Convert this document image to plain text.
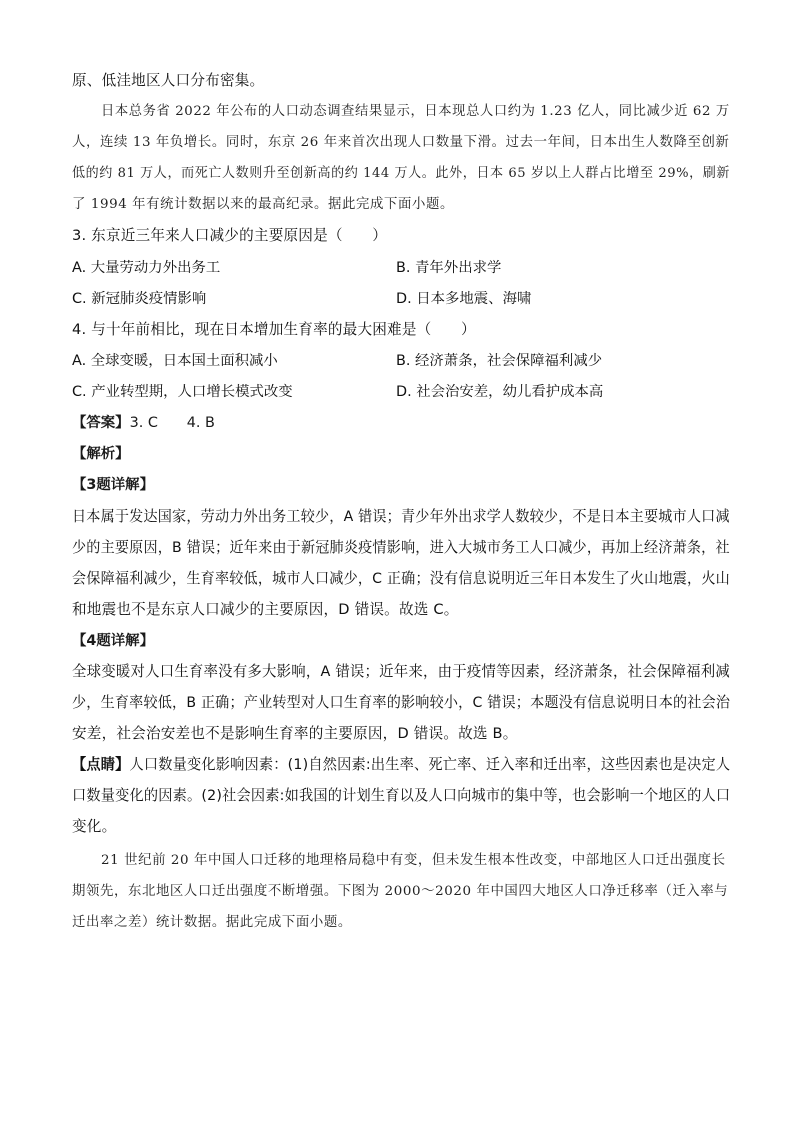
原、低洼地区人口分布密集。
日本总务省 2022 年公布的人口动态调查结果显示，日本现总人口约为 1.23 亿人，同比减少近 62 万
人，连续 13 年负增长。同时，东京 26 年来首次出现人口数量下滑。过去一年间，日本出生人数降至创新
低的约 81 万人，而死亡人数则升至创新高的约 144 万人。此外，日本 65 岁以上人群占比增至 29%，刷新
了 1994 年有统计数据以来的最高纪录。据此完成下面小题。
3. 东京近三年来人口减少的主要原因是（　　）
A. 大量劳动力外出务工	B. 青年外出求学
C. 新冠肺炎疫情影响	D. 日本多地震、海啸
4. 与十年前相比，现在日本增加生育率的最大困难是（　　）
A. 全球变暖，日本国土面积减小	B. 经济萧条，社会保障福利减少
C. 产业转型期，人口增长模式改变	D. 社会治安差，幼儿看护成本高
【答案】3. C　　4. B
【解析】
【3题详解】
日本属于发达国家，劳动力外出务工较少，A 错误；青少年外出求学人数较少，不是日本主要城市人口减
少的主要原因，B 错误；近年来由于新冠肺炎疫情影响，进入大城市务工人口减少，再加上经济萧条，社
会保障福利减少，生育率较低，城市人口减少，C 正确；没有信息说明近三年日本发生了火山地震，火山
和地震也不是东京人口减少的主要原因，D 错误。故选 C。
【4题详解】
全球变暖对人口生育率没有多大影响，A 错误；近年来，由于疫情等因素，经济萧条，社会保障福利减
少，生育率较低，B 正确；产业转型对人口生育率的影响较小，C 错误；本题没有信息说明日本的社会治
安差，社会治安差也不是影响生育率的主要原因，D 错误。故选 B。
【点睛】人口数量变化影响因素：(1)自然因素:出生率、死亡率、迁入率和迁出率，这些因素也是决定人
口数量变化的因素。(2)社会因素:如我国的计划生育以及人口向城市的集中等，也会影响一个地区的人口
变化。
21 世纪前 20 年中国人口迁移的地理格局稳中有变，但未发生根本性改变，中部地区人口迁出强度长
期领先，东北地区人口迁出强度不断增强。下图为 2000～2020 年中国四大地区人口净迁移率（迁入率与
迁出率之差）统计数据。据此完成下面小题。
